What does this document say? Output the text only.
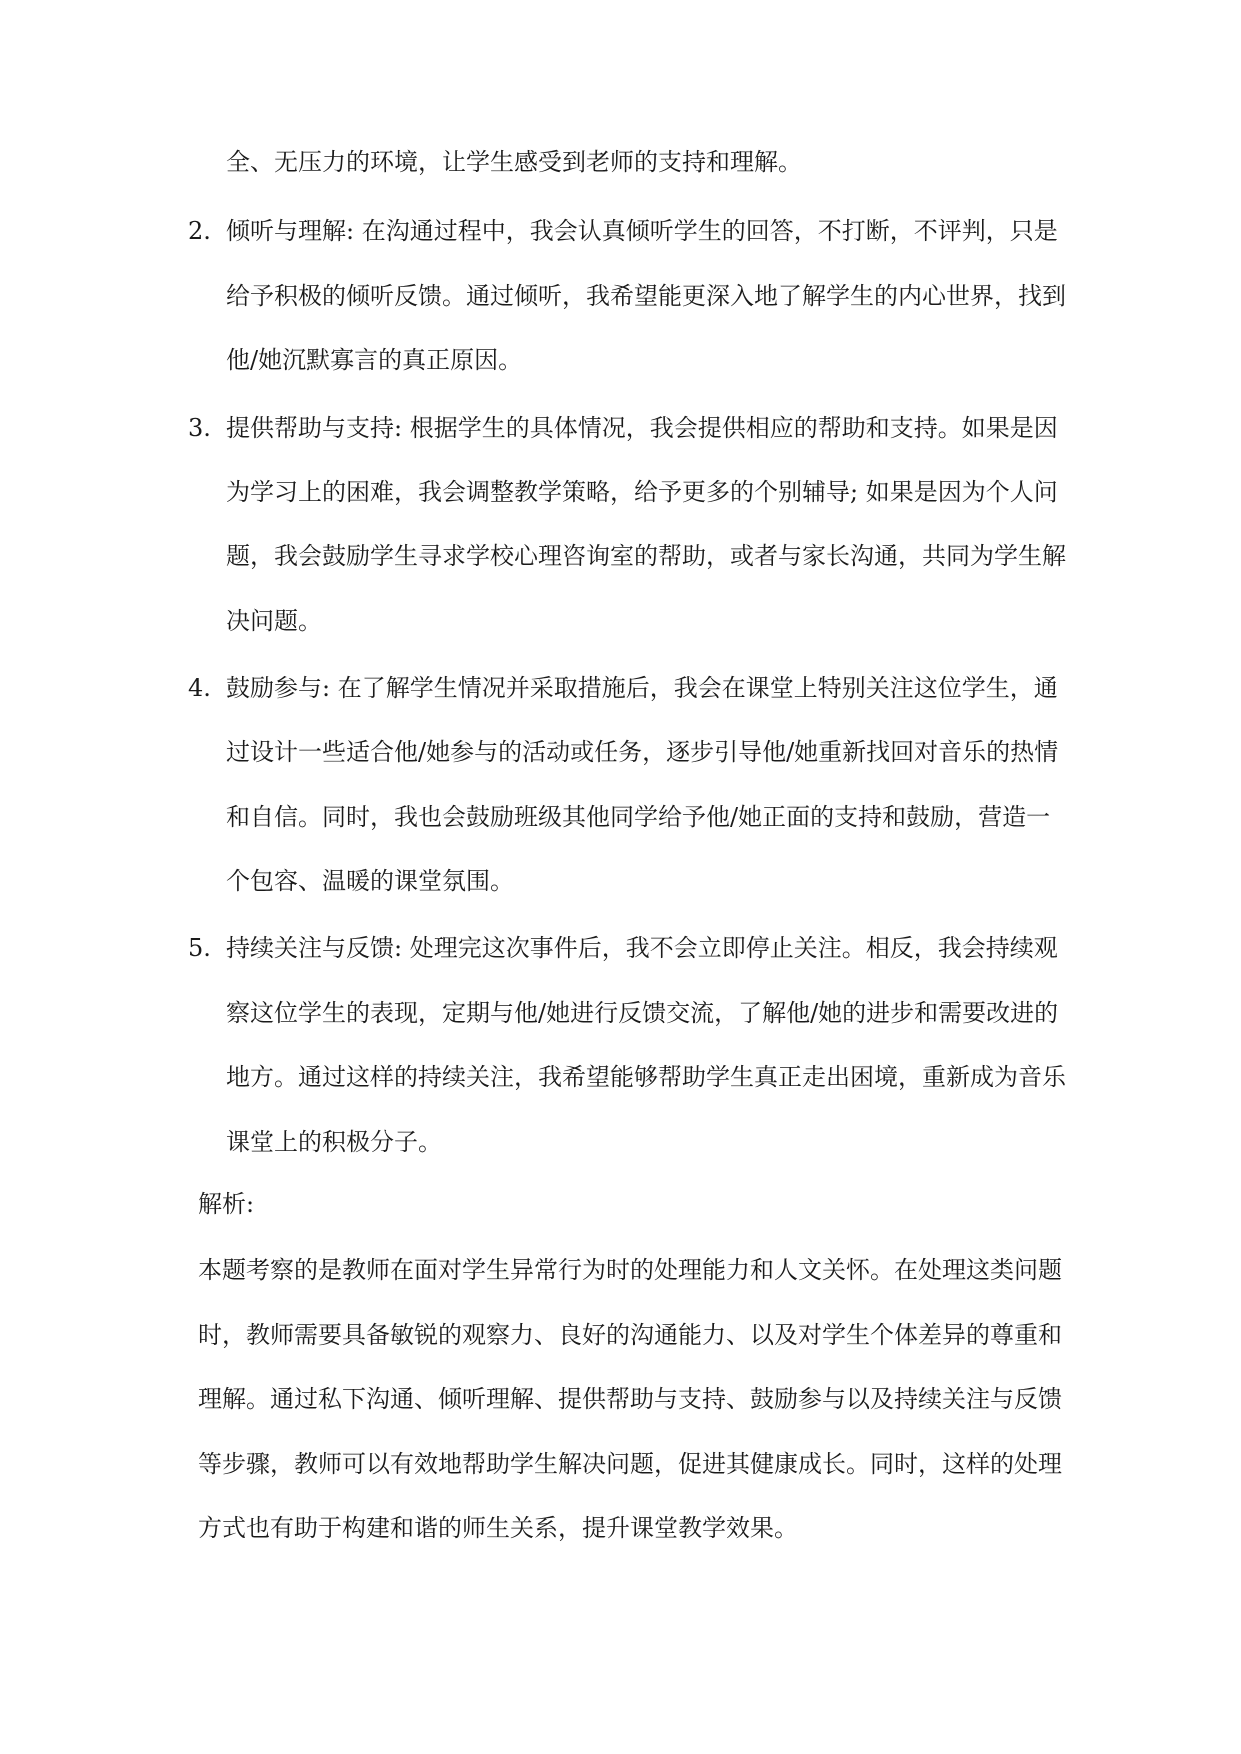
全、无压力的环境，让学生感受到老师的支持和理解。
2. 倾听与理解: 在沟通过程中，我会认真倾听学生的回答，不打断，不评判，只是
给予积极的倾听反馈。通过倾听，我希望能更深入地了解学生的内心世界，找到
他/她沉默寡言的真正原因。
3. 提供帮助与支持: 根据学生的具体情况，我会提供相应的帮助和支持。如果是因
为学习上的困难，我会调整教学策略，给予更多的个别辅导; 如果是因为个人问
题，我会鼓励学生寻求学校心理咨询室的帮助，或者与家长沟通，共同为学生解
决问题。
4. 鼓励参与: 在了解学生情况并采取措施后，我会在课堂上特别关注这位学生，通
过设计一些适合他/她参与的活动或任务，逐步引导他/她重新找回对音乐的热情
和自信。同时，我也会鼓励班级其他同学给予他/她正面的支持和鼓励，营造一
个包容、温暖的课堂氛围。
5. 持续关注与反馈: 处理完这次事件后，我不会立即停止关注。相反，我会持续观
察这位学生的表现，定期与他/她进行反馈交流，了解他/她的进步和需要改进的
地方。通过这样的持续关注，我希望能够帮助学生真正走出困境，重新成为音乐
课堂上的积极分子。
解析:
本题考察的是教师在面对学生异常行为时的处理能力和人文关怀。在处理这类问题
时，教师需要具备敏锐的观察力、良好的沟通能力、以及对学生个体差异的尊重和
理解。通过私下沟通、倾听理解、提供帮助与支持、鼓励参与以及持续关注与反馈
等步骤，教师可以有效地帮助学生解决问题，促进其健康成长。同时，这样的处理
方式也有助于构建和谐的师生关系，提升课堂教学效果。
